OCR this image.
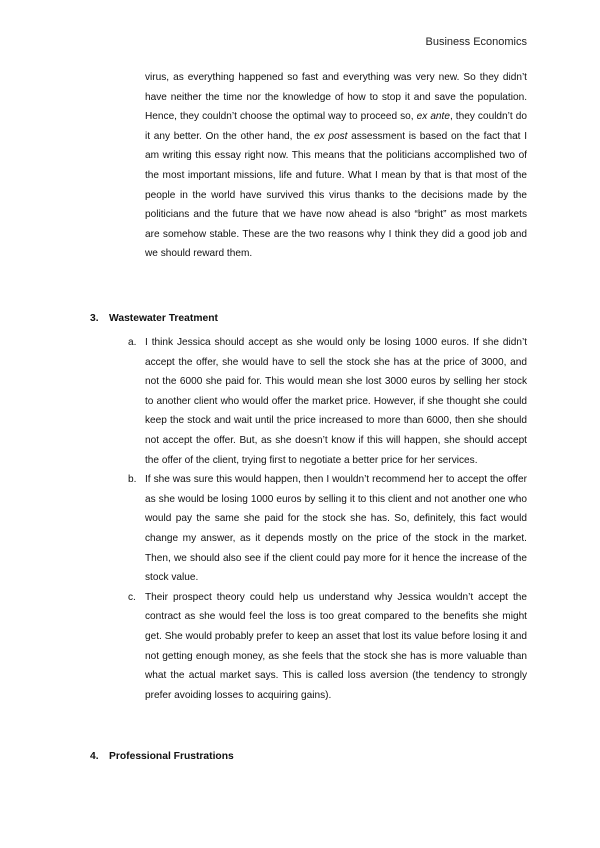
Business Economics

virus, as everything happened so fast and everything was very new. So they didn’t have neither the time nor the knowledge of how to stop it and save the population. Hence, they couldn’t choose the optimal way to proceed so, ex ante, they couldn’t do it any better. On the other hand, the ex post assessment is based on the fact that I am writing this essay right now. This means that the politicians accomplished two of the most important missions, life and future. What I mean by that is that most of the people in the world have survived this virus thanks to the decisions made by the politicians and the future that we have now ahead is also “bright” as most markets are somehow stable. These are the two reasons why I think they did a good job and we should reward them.

3. Wastewater Treatment
a. I think Jessica should accept as she would only be losing 1000 euros. If she didn’t accept the offer, she would have to sell the stock she has at the price of 3000, and not the 6000 she paid for. This would mean she lost 3000 euros by selling her stock to another client who would offer the market price. However, if she thought she could keep the stock and wait until the price increased to more than 6000, then she should not accept the offer. But, as she doesn’t know if this will happen, she should accept the offer of the client, trying first to negotiate a better price for her services.
b. If she was sure this would happen, then I wouldn’t recommend her to accept the offer as she would be losing 1000 euros by selling it to this client and not another one who would pay the same she paid for the stock she has. So, definitely, this fact would change my answer, as it depends mostly on the price of the stock in the market. Then, we should also see if the client could pay more for it hence the increase of the stock value.
c. Their prospect theory could help us understand why Jessica wouldn’t accept the contract as she would feel the loss is too great compared to the benefits she might get. She would probably prefer to keep an asset that lost its value before losing it and not getting enough money, as she feels that the stock she has is more valuable than what the actual market says. This is called loss aversion (the tendency to strongly prefer avoiding losses to acquiring gains).
4. Professional Frustrations
